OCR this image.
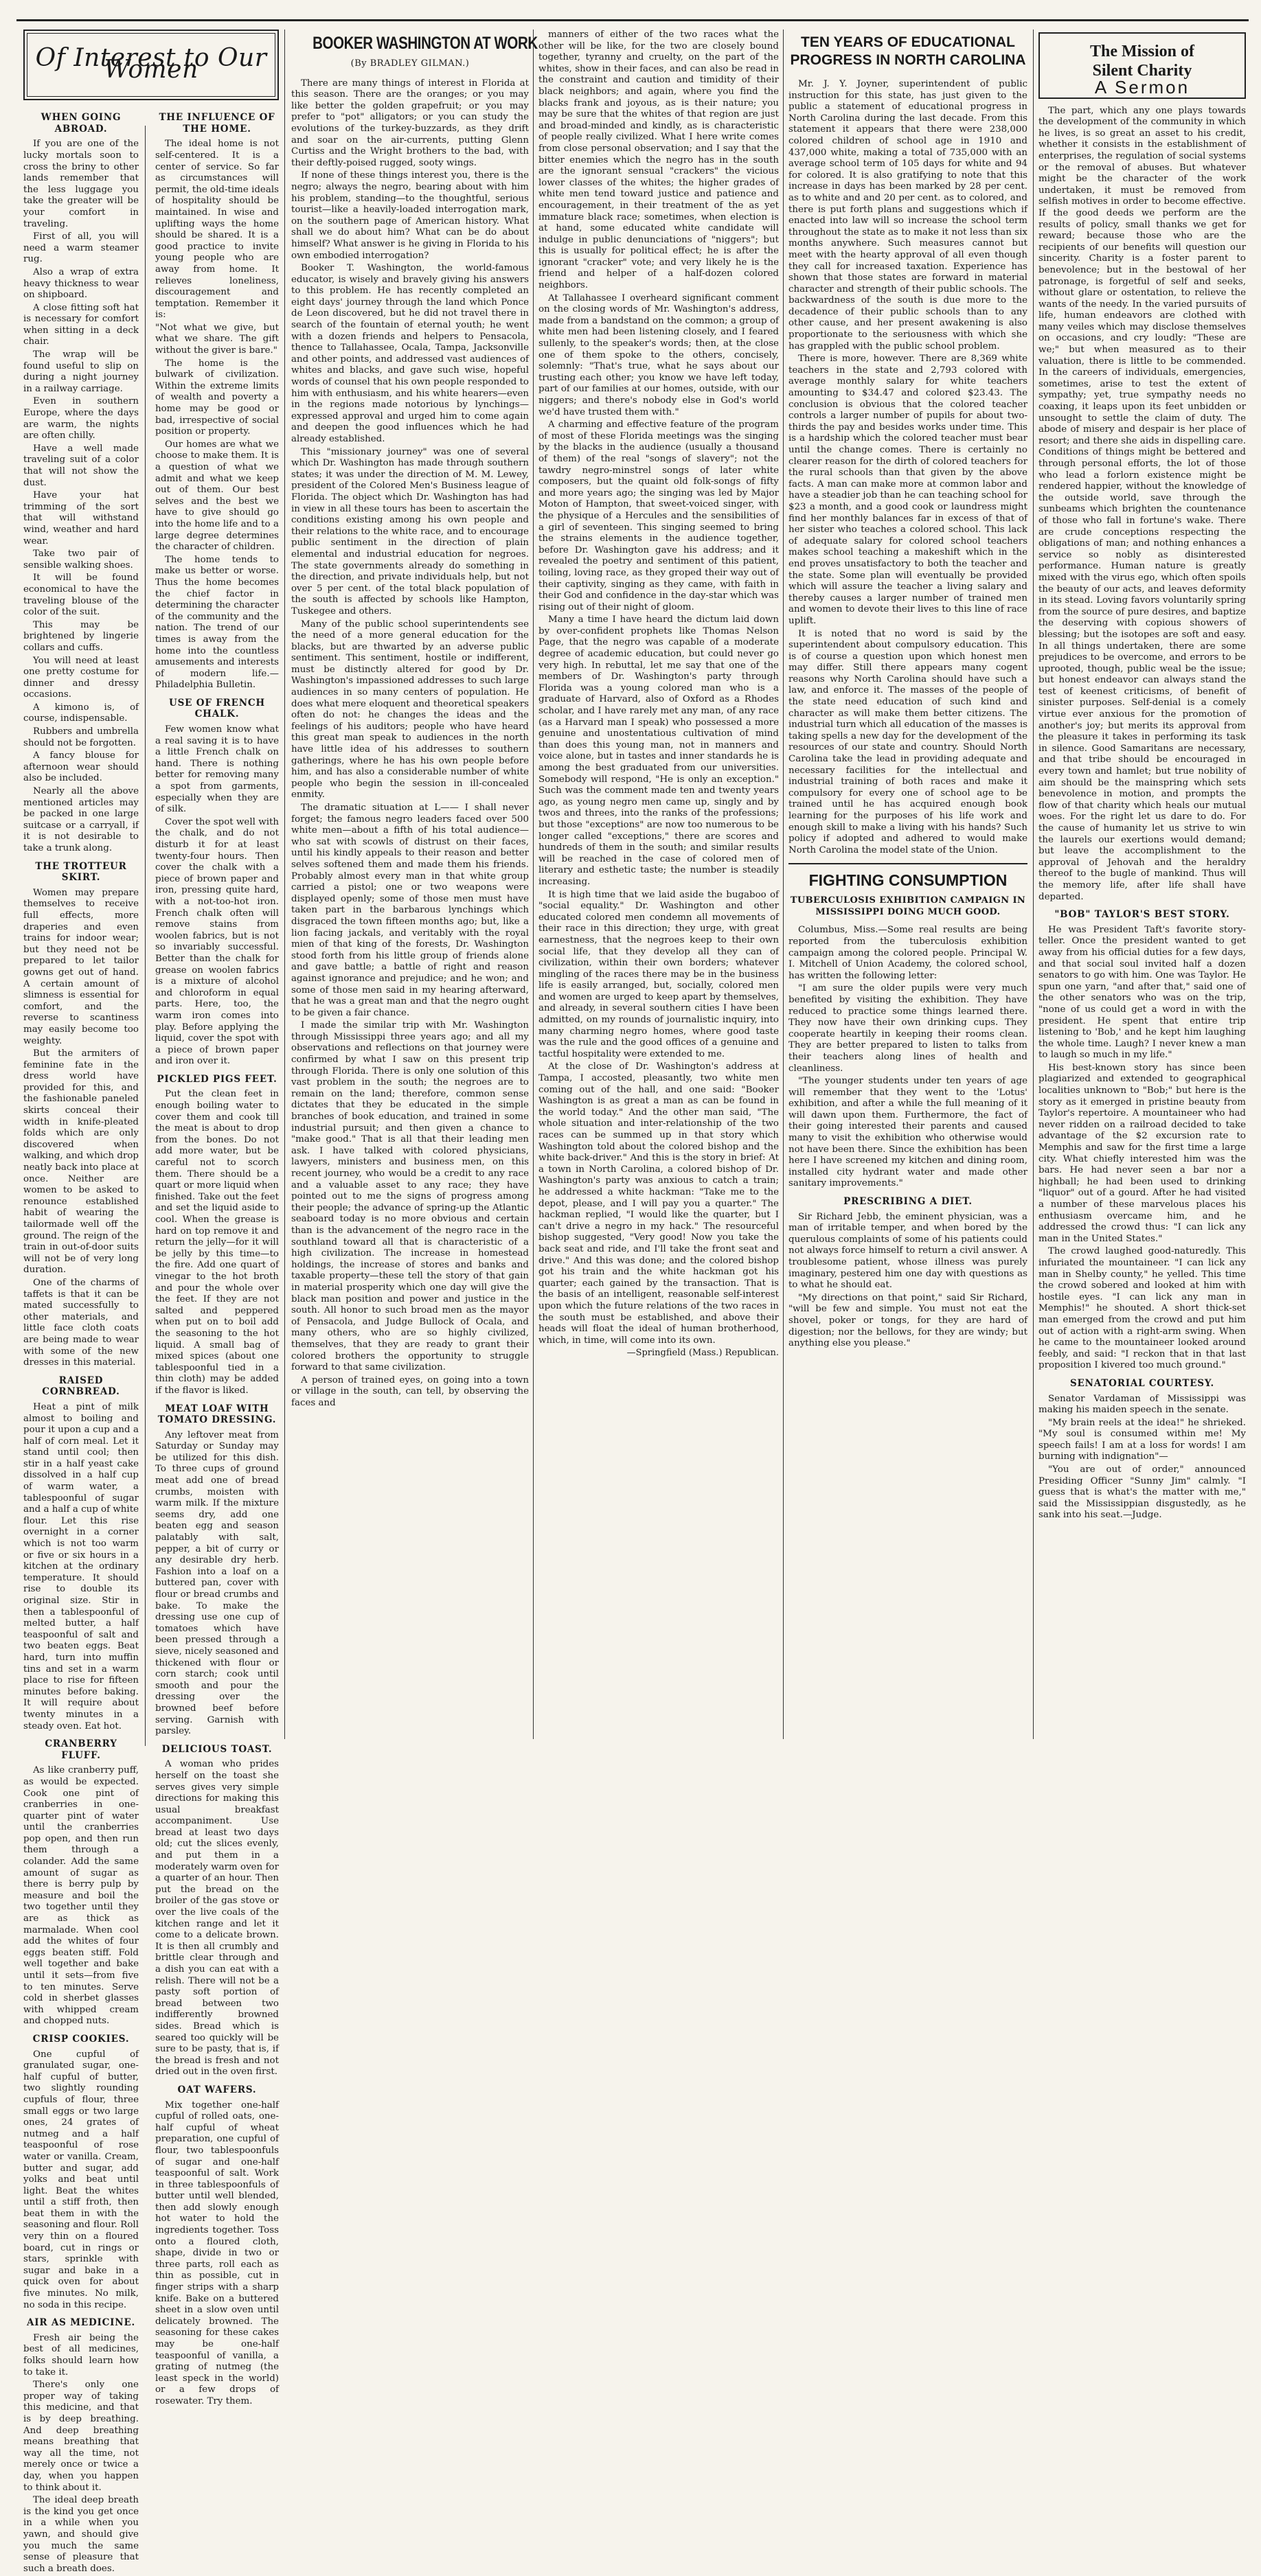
Of Interest to Our Women
WHEN GOING ABROAD.

If you are one of the lucky mortals soon to cross the briny to other lands remember that the less luggage you take the greater will be your comfort in traveling.

First of all, you will need a warm steamer rug.

Also a wrap of extra heavy thickness to wear on shipboard.

A close fitting soft hat is necessary for comfort when sitting in a deck chair.

The wrap will be found useful to slip on during a night journey in a railway carriage.

Even in southern Europe, where the days are warm, the nights are often chilly.

Have a well made traveling suit of a color that will not show the dust.

Have your hat trimming of the sort that will withstand wind, weather and hard wear.

Take two pair of sensible walking shoes.

It will be found economical to have the traveling blouse of the color of the suit.

This may be brightened by lingerie collars and cuffs.

You will need at least one pretty costume for dinner and dressy occasions.

A kimono is, of course, indispensable.

Rubbers and umbrella should not be forgotten.

A fancy blouse for afternoon wear should also be included.

Nearly all the above mentioned articles may be packed in one large suitcase or a carryall, if it is not desirable to take a trunk along.

THE TROTTEUR SKIRT.

Women may prepare themselves to receive full effects, more draperies and even trains for indoor wear; but they need not be prepared to let tailor gowns get out of hand. A certain amount of slimness is essential for comfort, and the reverse to scantiness may easily become too weighty.

But the armiters of feminine fate in the dress world have provided for this, and the fashionable paneled skirts conceal their width in knife-pleated folds which are only discovered when walking, and which drop neatly back into place at once. Neither are women to be asked to renounce established habit of wearing the tailormade well off the ground. The reign of the train in out-of-door suits will not be of very long duration.

One of the charms of taffets is that it can be mated successfully to other materials, and little face cloth coats are being made to wear with some of the new dresses in this material.

RAISED CORNBREAD.

Heat a pint of milk almost to boiling and pour it upon a cup and a half of corn meal. Let it stand until cool; then stir in a half yeast cake dissolved in a half cup of warm water, a tablespoonful of sugar and a half a cup of white flour. Let this rise overnight in a corner which is not too warm or five or six hours in a kitchen at the ordinary temperature. It should rise to double its original size. Stir in then a tablespoonful of melted butter, a half teaspoonful of salt and two beaten eggs. Beat hard, turn into muffin tins and set in a warm place to rise for fifteen minutes before baking. It will require about twenty minutes in a steady oven. Eat hot.

CRANBERRY FLUFF.

As like cranberry puff, as would be expected. Cook one pint of cranberries in one-quarter pint of water until the cranberries pop open, and then run them through a colander. Add the same amount of sugar as there is berry pulp by measure and boil the two together until they are as thick as marmalade. When cool add the whites of four eggs beaten stiff. Fold well together and bake until it sets—from five to ten minutes. Serve cold in sherbet glasses with whipped cream and chopped nuts.

CRISP COOKIES.

One cupful of granulated sugar, one-half cupful of butter, two slightly rounding cupfuls of flour, three small eggs or two large ones, 24 grates of nutmeg and a half teaspoonful of rose water or vanilla. Cream, butter and sugar, add yolks and beat until light. Beat the whites until a stiff froth, then beat them in with the seasoning and flour. Roll very thin on a floured board, cut in rings or stars, sprinkle with sugar and bake in a quick oven for about five minutes. No milk, no soda in this recipe.

AIR AS MEDICINE.

Fresh air being the best of all medicines, folks should learn how to take it.

There's only one proper way of taking this medicine, and that is by deep breathing. And deep breathing means breathing that way all the time, not merely once or twice a day, when you happen to think about it.

The ideal deep breath is the kind you get once in a while when you yawn, and should give you much the same sense of pleasure that such a breath does.

THE INFLUENCE OF THE HOME.

The ideal home is not self-centered. It is a center of service. So far as circumstances will permit, the old-time ideals of hospitality should be maintained. In wise and uplifting ways the home should be shared. It is a good practice to invite young people who are away from home. It relieves loneliness, discouragement and temptation. Remember it is:

"Not what we give, but what we share. The gift without the giver is bare."

The home is the bulwark of civilization. Within the extreme limits of wealth and poverty a home may be good or bad, irrespective of social position or property.

Our homes are what we choose to make them. It is a question of what we admit and what we keep out of them. Our best selves and the best we have to give should go into the home life and to a large degree determines the character of children.

The home tends to make us better or worse. Thus the home becomes the chief factor in determining the character of the community and the nation. The trend of our times is away from the home into the countless amusements and interests of modern life.—Philadelphia Bulletin.

USE OF FRENCH CHALK.

Few women know what a real saving it is to have a little French chalk on hand. There is nothing better for removing many a spot from garments, especially when they are of silk.

Cover the spot well with the chalk, and do not disturb it for at least twenty-four hours. Then cover the chalk with a piece of brown paper and iron, pressing quite hard, with a not-too-hot iron. French chalk often will remove stains from woolen fabrics, but is not so invariably successful. Better than the chalk for grease on woolen fabrics is a mixture of alcohol and chloroform in equal parts. Here, too, the warm iron comes into play. Before applying the liquid, cover the spot with a piece of brown paper and iron over it.

PICKLED PIGS FEET.

Put the clean feet in enough boiling water to cover them and cook till the meat is about to drop from the bones. Do not add more water, but be careful not to scorch them. There should be a quart or more liquid when finished. Take out the feet and set the liquid aside to cool. When the grease is hard on top remove it and return the jelly—for it will be jelly by this time—to the fire. Add one quart of vinegar to the hot broth and pour the whole over the feet. If they are not salted and peppered when put on to boil add the seasoning to the hot liquid. A small bag of mixed spices (about one tablespoonful tied in a thin cloth) may be added if the flavor is liked.

MEAT LOAF WITH TOMATO DRESSING.

Any leftover meat from Saturday or Sunday may be utilized for this dish. To three cups of ground meat add one of bread crumbs, moisten with warm milk. If the mixture seems dry, add one beaten egg and season palatably with salt, pepper, a bit of curry or any desirable dry herb. Fashion into a loaf on a buttered pan, cover with flour or bread crumbs and bake. To make the dressing use one cup of tomatoes which have been pressed through a sieve, nicely seasoned and thickened with flour or corn starch; cook until smooth and pour the dressing over the browned beef before serving. Garnish with parsley.

DELICIOUS TOAST.

A woman who prides herself on the toast she serves gives very simple directions for making this usual breakfast accompaniment. Use bread at least two days old; cut the slices evenly, and put them in a moderately warm oven for a quarter of an hour. Then put the bread on the broiler of the gas stove or over the live coals of the kitchen range and let it come to a delicate brown. It is then all crumbly and brittle clear through and a dish you can eat with a relish. There will not be a pasty soft portion of bread between two indifferently browned sides. Bread which is seared too quickly will be sure to be pasty, that is, if the bread is fresh and not dried out in the oven first.

OAT WAFERS.

Mix together one-half cupful of rolled oats, one-half cupful of wheat preparation, one cupful of flour, two tablespoonfuls of sugar and one-half teaspoonful of salt. Work in three tablespoonfuls of butter until well blended, then add slowly enough hot water to hold the ingredients together. Toss onto a floured cloth, shape, divide in two or three parts, roll each as thin as possible, cut in finger strips with a sharp knife. Bake on a buttered sheet in a slow oven until delicately browned. The seasoning for these cakes may be one-half teaspoonful of vanilla, a grating of nutmeg (the least speck in the world) or a few drops of rosewater. Try them.

BOOKER WASHINGTON AT WORK
(By BRADLEY GILMAN.)

There are many things of interest in Florida at this season. There are the oranges; or you may like better the golden grapefruit; or you may prefer to "pot" alligators; or you can study the evolutions of the turkey-buzzards, as they drift and soar on the air-currents, putting Glenn Curtiss and the Wright brothers to the bad, with their deftly-poised rugged, sooty wings.

If none of these things interest you, there is the negro; always the negro, bearing about with him his problem, standing—to the thoughtful, serious tourist—like a heavily-loaded interrogation mark, on the southern page of American history. What shall we do about him? What can be do about himself? What answer is he giving in Florida to his own embodied interrogation?

Booker T. Washington, the world-famous educator, is wisely and bravely giving his answers to this problem. He has recently completed an eight days' journey through the land which Ponce de Leon discovered, but he did not travel there in search of the fountain of eternal youth; he went with a dozen friends and helpers to Pensacola, thence to Tallahassee, Ocala, Tampa, Jacksonville and other points, and addressed vast audiences of whites and blacks, and gave such wise, hopeful words of counsel that his own people responded to him with enthusiasm, and his white hearers—even in the regions made notorious by lynchings—expressed approval and urged him to come again and deepen the good influences which he had already established.

This "missionary journey" was one of several which Dr. Washington has made through southern states; it was under the direction of M. M. Lewey, president of the Colored Men's Business league of Florida. The object which Dr. Washington has had in view in all these tours has been to ascertain the conditions existing among his own people and their relations to the white race, and to encourage public sentiment in the direction of plain elemental and industrial education for negroes. The state governments already do something in the direction, and private individuals help, but not over 5 per cent. of the total black population of the south is affected by schools like Hampton, Tuskegee and others.

Many of the public school superintendents see the need of a more general education for the blacks, but are thwarted by an adverse public sentiment. This sentiment, hostile or indifferent, must be distinctly altered for good by Dr. Washington's impassioned addresses to such large audiences in so many centers of population. He does what mere eloquent and theoretical speakers often do not: he changes the ideas and the feelings of his auditors; people who have heard this great man speak to audiences in the north have little idea of his addresses to southern gatherings, where he has his own people before him, and has also a considerable number of white people who begin the session in ill-concealed enmity.

The dramatic situation at L—— I shall never forget; the famous negro leaders faced over 500 white men—about a fifth of his total audience—who sat with scowls of distrust on their faces, until his kindly appeals to their reason and better selves softened them and made them his friends. Probably almost every man in that white group carried a pistol; one or two weapons were displayed openly; some of those men must have taken part in the barbarous lynchings which disgraced the town fifteen months ago; but, like a lion facing jackals, and veritably with the royal mien of that king of the forests, Dr. Washington stood forth from his little group of friends alone and gave battle; a battle of right and reason against ignorance and prejudice; and he won; and some of those men said in my hearing afterward, that he was a great man and that the negro ought to be given a fair chance.

I made the similar trip with Mr. Washington through Mississippi three years ago; and all my observations and reflections on that journey were confirmed by what I saw on this present trip through Florida. There is only one solution of this vast problem in the south; the negroes are to remain on the land; therefore, common sense dictates that they be educated in the simple branches of book education, and trained in some industrial pursuit; and then given a chance to "make good." That is all that their leading men ask. I have talked with colored physicians, lawyers, ministers and business men, on this recent journey, who would be a credit to any race and a valuable asset to any race; they have pointed out to me the signs of progress among their people; the advance of spring-up the Atlantic seaboard today is no more obvious and certain than is the advancement of the negro race in the southland toward all that is characteristic of a high civilization. The increase in homestead holdings, the increase of stores and banks and taxable property—these tell the story of that gain in material prosperity which one day will give the black man position and power and justice in the south. All honor to such broad men as the mayor of Pensacola, and Judge Bullock of Ocala, and many others, who are so highly civilized, themselves, that they are ready to grant their colored brothers the opportunity to struggle forward to that same civilization.

A person of trained eyes, on going into a town or village in the south, can tell, by observing the faces and

manners of either of the two races what the other will be like, for the two are closely bound together, tyranny and cruelty, on the part of the whites, show in their faces, and can also be read in the constraint and caution and timidity of their black neighbors; and again, where you find the blacks frank and joyous, as is their nature; you may be sure that the whites of that region are just and broad-minded and kindly, as is characteristic of people really civilized. What I here write comes from close personal observation; and I say that the bitter enemies which the negro has in the south are the ignorant sensual "crackers" the vicious lower classes of the whites; the higher grades of white men tend toward justice and patience and encouragement, in their treatment of the as yet immature black race; sometimes, when election is at hand, some educated white candidate will indulge in public denunciations of "niggers"; but this is usually for political effect; he is after the ignorant "cracker" vote; and very likely he is the friend and helper of a half-dozen colored neighbors.

At Tallahassee I overheard significant comment on the closing words of Mr. Washington's address, made from a bandstand on the common; a group of white men had been listening closely, and I feared sullenly, to the speaker's words; then, at the close one of them spoke to the others, concisely, solemnly: "That's true, what he says about our trusting each other; you know we have left today, part of our families at our homes, outside, with our niggers; and there's nobody else in God's world we'd have trusted them with."

A charming and effective feature of the program of most of these Florida meetings was the singing by the blacks in the audience (usually a thousand of them) of the real "songs of slavery"; not the tawdry negro-minstrel songs of later white composers, but the quaint old folk-songs of fifty and more years ago; the singing was led by Major Moton of Hampton, that sweet-voiced singer, with the physique of a Hercules and the sensibilities of a girl of seventeen. This singing seemed to bring the strains elements in the audience together, before Dr. Washington gave his address; and it revealed the poetry and sentiment of this patient, toiling, loving race, as they groped their way out of their captivity, singing as they came, with faith in their God and confidence in the day-star which was rising out of their night of gloom.

Many a time I have heard the dictum laid down by over-confident prophets like Thomas Nelson Page, that the negro was capable of a moderate degree of academic education, but could never go very high. In rebuttal, let me say that one of the members of Dr. Washington's party through Florida was a young colored man who is a graduate of Harvard, also of Oxford as a Rhodes scholar, and I have rarely met any man, of any race (as a Harvard man I speak) who possessed a more genuine and unostentatious cultivation of mind than does this young man, not in manners and voice alone, but in tastes and inner standards he is among the best graduated from our universities. Somebody will respond, "He is only an exception." Such was the comment made ten and twenty years ago, as young negro men came up, singly and by twos and threes, into the ranks of the professions; but those "exceptions" are now too numerous to be longer called "exceptions," there are scores and hundreds of them in the south; and similar results will be reached in the case of colored men of literary and esthetic taste; the number is steadily increasing.

It is high time that we laid aside the bugaboo of "social equality." Dr. Washington and other educated colored men condemn all movements of their race in this direction; they urge, with great earnestness, that the negroes keep to their own social life, that they develop all they can of civilization, within their own borders; whatever mingling of the races there may be in the business life is easily arranged, but, socially, colored men and women are urged to keep apart by themselves, and already, in several southern cities I have been admitted, on my rounds of journalistic inquiry, into many charming negro homes, where good taste was the rule and the good offices of a genuine and tactful hospitality were extended to me.

At the close of Dr. Washington's address at Tampa, I accosted, pleasantly, two white men coming out of the hall, and one said: "Booker Washington is as great a man as can be found in the world today." And the other man said, "The whole situation and inter-relationship of the two races can be summed up in that story which Washington told about the colored bishop and the white back-driver." And this is the story in brief: At a town in North Carolina, a colored bishop of Dr. Washington's party was anxious to catch a train; he addressed a white hackman: "Take me to the depot, please, and I will pay you a quarter." The hackman replied, "I would like the quarter, but I can't drive a negro in my hack." The resourceful bishop suggested, "Very good! Now you take the back seat and ride, and I'll take the front seat and drive." And this was done; and the colored bishop got his train and the white hackman got his quarter; each gained by the transaction. That is the basis of an intelligent, reasonable self-interest upon which the future relations of the two races in the south must be established, and above their heads will float the ideal of human brotherhood, which, in time, will come into its own.

—Springfield (Mass.) Republican.
TEN YEARS OF EDUCATIONAL PROGRESS IN NORTH CAROLINA

Mr. J. Y. Joyner, superintendent of public instruction for this state, has just given to the public a statement of educational progress in North Carolina during the last decade. From this statement it appears that there were 238,000 colored children of school age in 1910 and 437,000 white, making a total of 735,000 with an average school term of 105 days for white and 94 for colored. It is also gratifying to note that this increase in days has been marked by 28 per cent. as to white and and 20 per cent. as to colored, and there is put forth plans and suggestions which if enacted into law will so increase the school term throughout the state as to make it not less than six months anywhere. Such measures cannot but meet with the hearty approval of all even though they call for increased taxation. Experience has shown that those states are forward in material character and strength of their public schools. The backwardness of the south is due more to the decadence of their public schools than to any other cause, and her present awakening is also proportionate to the seriousness with which she has grappled with the public school problem.

There is more, however. There are 8,369 white teachers in the state and 2,793 colored with average monthly salary for white teachers amounting to $34.47 and colored $23.43. The conclusion is obvious that the colored teacher controls a larger number of pupils for about two-thirds the pay and besides works under time. This is a hardship which the colored teacher must bear until the change comes. There is certainly no clearer reason for the dirth of colored teachers for the rural schools than that given by the above facts. A man can make more at common labor and have a steadier job than he can teaching school for $23 a month, and a good cook or laundress might find her monthly balances far in excess of that of her sister who teaches a colored school. This lack of adequate salary for colored school teachers makes school teaching a makeshift which in the end proves unsatisfactory to both the teacher and the state. Some plan will eventually be provided which will assure the teacher a living salary and thereby causes a larger number of trained men and women to devote their lives to this line of race uplift.

It is noted that no word is said by the superintendent about compulsory education. This is of course a question upon which honest men may differ. Still there appears many cogent reasons why North Carolina should have such a law, and enforce it. The masses of the people of the state need education of such kind and character as will make them better citizens. The industrial turn which all education of the masses is taking spells a new day for the development of the resources of our state and country. Should North Carolina take the lead in providing adequate and necessary facilities for the intellectual and industrial training of both races and make it compulsory for every one of school age to be trained until he has acquired enough book learning for the purposes of his life work and enough skill to make a living with his hands? Such policy if adopted and adhered to would make North Carolina the model state of the Union.

FIGHTING CONSUMPTION
TUBERCULOSIS EXHIBITION CAMPAIGN IN MISSISSIPPI DOING MUCH GOOD.

Columbus, Miss.—Some real results are being reported from the tuberculosis exhibition campaign among the colored people. Principal W. I. Mitchell of Union Academy, the colored school, has written the following letter:

"I am sure the older pupils were very much benefited by visiting the exhibition. They have reduced to practice some things learned there. They now have their own drinking cups. They cooperate heartily in keeping their rooms clean. They are better prepared to listen to talks from their teachers along lines of health and cleanliness.

"The younger students under ten years of age will remember that they went to the 'Lotus' exhibition, and after a while the full meaning of it will dawn upon them. Furthermore, the fact of their going interested their parents and caused many to visit the exhibition who otherwise would not have been there. Since the exhibition has been here I have screened my kitchen and dining room, installed city hydrant water and made other sanitary improvements."

PRESCRIBING A DIET.

Sir Richard Jebb, the eminent physician, was a man of irritable temper, and when bored by the querulous complaints of some of his patients could not always force himself to return a civil answer. A troublesome patient, whose illness was purely imaginary, pestered him one day with questions as to what he should eat.

"My directions on that point," said Sir Richard, "will be few and simple. You must not eat the shovel, poker or tongs, for they are hard of digestion; nor the bellows, for they are windy; but anything else you please."

The Mission of
Silent Charity
A Sermon

The part, which any one plays towards the development of the community in which he lives, is so great an asset to his credit, whether it consists in the establishment of enterprises, the regulation of social systems or the removal of abuses. But whatever might be the character of the work undertaken, it must be removed from selfish motives in order to become effective. If the good deeds we perform are the results of policy, small thanks we get for reward; because those who are the recipients of our benefits will question our sincerity. Charity is a foster parent to benevolence; but in the bestowal of her patronage, is forgetful of self and seeks, without glare or ostentation, to relieve the wants of the needy. In the varied pursuits of life, human endeavors are clothed with many veiles which may disclose themselves on occasions, and cry loudly: "These are we;" but when measured as to their valuation, there is little to be commended. In the careers of individuals, emergencies, sometimes, arise to test the extent of sympathy; yet, true sympathy needs no coaxing, it leaps upon its feet unbidden or unsought to settle the claim of duty. The abode of misery and despair is her place of resort; and there she aids in dispelling care. Conditions of things might be bettered and through personal efforts, the lot of those who lead a forlorn existence might be rendered happier, without the knowledge of the outside world, save through the sunbeams which brighten the countenance of those who fall in fortune's wake. There are crude conceptions respecting the obligations of man; and nothing enhances a service so nobly as disinterested performance. Human nature is greatly mixed with the virus ego, which often spoils the beauty of our acts, and leaves deformity in its stead. Loving favors voluntarily spring from the source of pure desires, and baptize the deserving with copious showers of blessing; but the isotopes are soft and easy. In all things undertaken, there are some prejudices to be overcome, and errors to be uprooted, though, public weal be the issue; but honest endeavor can always stand the test of keenest criticisms, of benefit of sinister purposes. Self-denial is a comely virtue ever anxious for the promotion of another's joy; but merits its approval from the pleasure it takes in performing its task in silence. Good Samaritans are necessary, and that tribe should be encouraged in every town and hamlet; but true nobility of aim should be the mainspring which sets benevolence in motion, and prompts the flow of that charity which heals our mutual woes. For the right let us dare to do. For the cause of humanity let us strive to win the laurels our exertions would demand; but leave the accomplishment to the approval of Jehovah and the heraldry thereof to the bugle of mankind. Thus will the memory life, after life shall have departed.

"BOB" TAYLOR'S BEST STORY.

He was President Taft's favorite story-teller. Once the president wanted to get away from his official duties for a few days, and that social soul invited half a dozen senators to go with him. One was Taylor. He spun one yarn, "and after that," said one of the other senators who was on the trip, "none of us could get a word in with the president. He spent that entire trip listening to 'Bob,' and he kept him laughing the whole time. Laugh? I never knew a man to laugh so much in my life."

His best-known story has since been plagiarized and extended to geographical localities unknown to "Bob;" but here is the story as it emerged in pristine beauty from Taylor's repertoire. A mountaineer who had never ridden on a railroad decided to take advantage of the $2 excursion rate to Memphis and saw for the first time a large city. What chiefly interested him was the bars. He had never seen a bar nor a highball; he had been used to drinking "liquor" out of a gourd. After he had visited a number of these marvelous places his enthusiasm overcame him, and he addressed the crowd thus: "I can lick any man in the United States."

The crowd laughed good-naturedly. This infuriated the mountaineer. "I can lick any man in Shelby county," he yelled. This time the crowd sobered and looked at him with hostile eyes. "I can lick any man in Memphis!" he shouted. A short thick-set man emerged from the crowd and put him out of action with a right-arm swing. When he came to the mountaineer looked around feebly, and said: "I reckon that in that last proposition I kivered too much ground."

SENATORIAL COURTESY.

Senator Vardaman of Mississippi was making his maiden speech in the senate.

"My brain reels at the idea!" he shrieked. "My soul is consumed within me! My speech fails! I am at a loss for words! I am burning with indignation"—

"You are out of order," announced Presiding Officer "Sunny Jim" calmly. "I guess that is what's the matter with me," said the Mississippian disgustedly, as he sank into his seat.—Judge.
